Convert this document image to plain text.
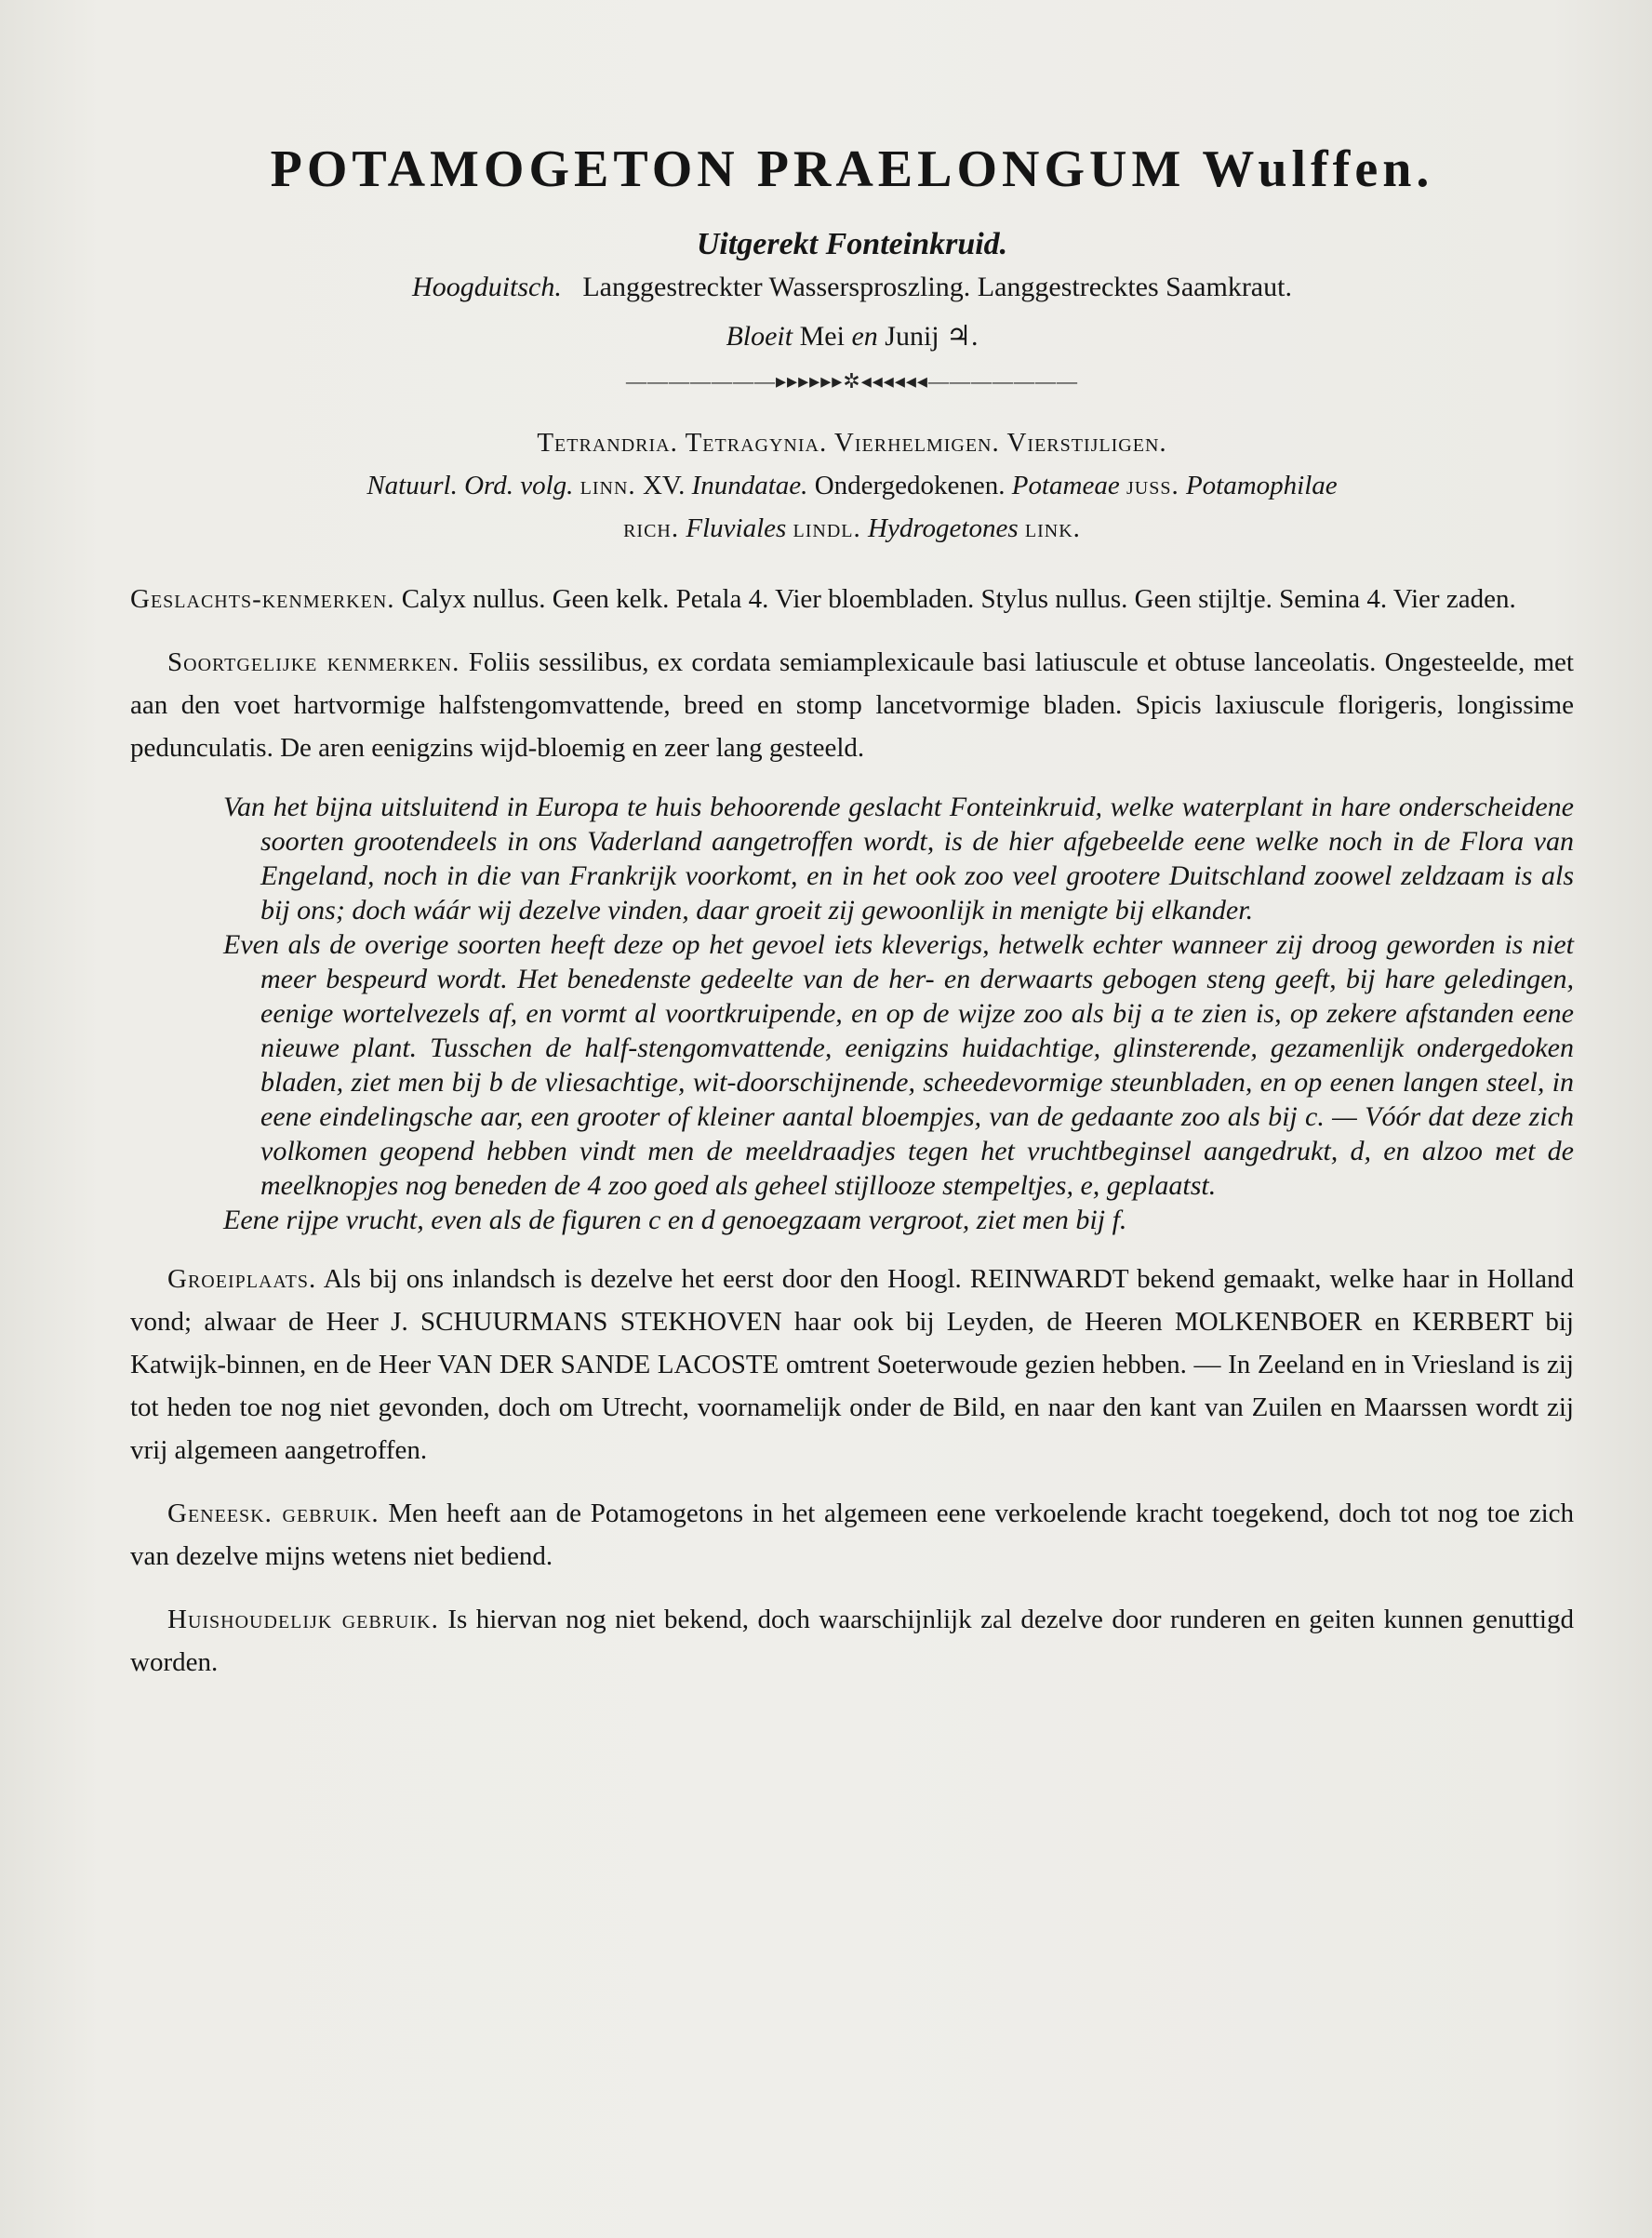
POTAMOGETON PRAELONGUM Wulffen.

Uitgerekt Fonteinkruid.

Hoogduitsch. Langgestreckter Wassersproszling. Langgestrecktes Saamkraut.

Bloeit Mei en Junij ♃.

———————▸▸▸▸▸▸✲◂◂◂◂◂◂———————

Tetrandria. Tetragynia. Vierhelmigen. Vierstijligen.

Natuurl. Ord. volg. linn. XV. Inundatae. Ondergedokenen. Potameae juss. Potamophilae

rich. Fluviales lindl. Hydrogetones link.

Geslachts-kenmerken. Calyx nullus. Geen kelk. Petala 4. Vier bloembladen. Stylus nullus. Geen stijltje. Semina 4. Vier zaden.

Soortgelijke kenmerken. Foliis sessilibus, ex cordata semiamplexicaule basi latiuscule et obtuse lanceolatis. Ongesteelde, met aan den voet hartvormige halfstengomvattende, breed en stomp lancetvormige bladen. Spicis laxiuscule florigeris, longissime pedunculatis. De aren eenigzins wijd-bloemig en zeer lang gesteeld.

Van het bijna uitsluitend in Europa te huis behoorende geslacht Fonteinkruid, welke waterplant in hare onderscheidene soorten grootendeels in ons Vaderland aangetroffen wordt, is de hier afgebeelde eene welke noch in de Flora van Engeland, noch in die van Frankrijk voorkomt, en in het ook zoo veel grootere Duitschland zoowel zeldzaam is als bij ons; doch wáár wij dezelve vinden, daar groeit zij gewoonlijk in menigte bij elkander.

Even als de overige soorten heeft deze op het gevoel iets kleverigs, hetwelk echter wanneer zij droog geworden is niet meer bespeurd wordt. Het benedenste gedeelte van de her- en derwaarts gebogen steng geeft, bij hare geledingen, eenige wortelvezels af, en vormt al voortkruipende, en op de wijze zoo als bij a te zien is, op zekere afstanden eene nieuwe plant. Tusschen de half-stengomvattende, eenigzins huidachtige, glinsterende, gezamenlijk ondergedoken bladen, ziet men bij b de vliesachtige, wit-doorschijnende, scheedevormige steunbladen, en op eenen langen steel, in eene eindelingsche aar, een grooter of kleiner aantal bloempjes, van de gedaante zoo als bij c. — Vóór dat deze zich volkomen geopend hebben vindt men de meeldraadjes tegen het vruchtbeginsel aangedrukt, d, en alzoo met de meelknopjes nog beneden de 4 zoo goed als geheel stijllooze stempeltjes, e, geplaatst.

Eene rijpe vrucht, even als de figuren c en d genoegzaam vergroot, ziet men bij f.

Groeiplaats. Als bij ons inlandsch is dezelve het eerst door den Hoogl. REINWARDT bekend gemaakt, welke haar in Holland vond; alwaar de Heer J. SCHUURMANS STEKHOVEN haar ook bij Leyden, de Heeren MOLKENBOER en KERBERT bij Katwijk-binnen, en de Heer VAN DER SANDE LACOSTE omtrent Soeterwoude gezien hebben. — In Zeeland en in Vriesland is zij tot heden toe nog niet gevonden, doch om Utrecht, voornamelijk onder de Bild, en naar den kant van Zuilen en Maarssen wordt zij vrij algemeen aangetroffen.

Geneesk. gebruik. Men heeft aan de Potamogetons in het algemeen eene verkoelende kracht toegekend, doch tot nog toe zich van dezelve mijns wetens niet bediend.

Huishoudelijk gebruik. Is hiervan nog niet bekend, doch waarschijnlijk zal dezelve door runderen en geiten kunnen genuttigd worden.
